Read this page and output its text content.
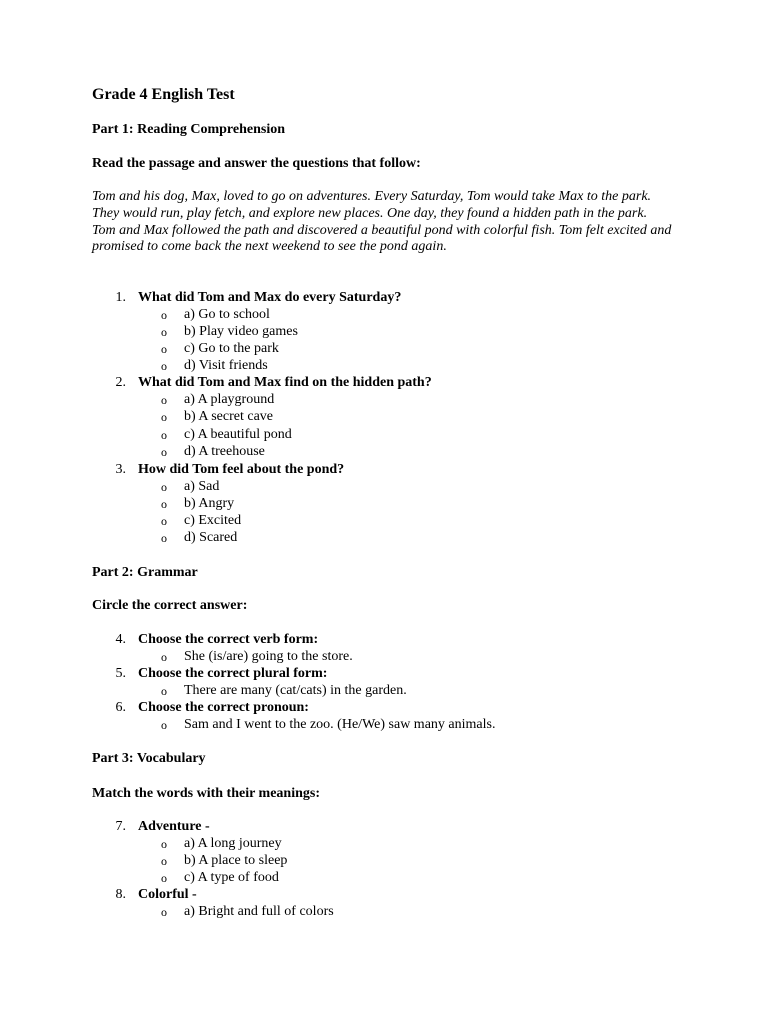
Grade 4 English Test
Part 1: Reading Comprehension
Read the passage and answer the questions that follow:
Tom and his dog, Max, loved to go on adventures. Every Saturday, Tom would take Max to the park. They would run, play fetch, and explore new places. One day, they found a hidden path in the park. Tom and Max followed the path and discovered a beautiful pond with colorful fish. Tom felt excited and promised to come back the next weekend to see the pond again.
1. What did Tom and Max do every Saturday?
o a) Go to school
o b) Play video games
o c) Go to the park
o d) Visit friends
2. What did Tom and Max find on the hidden path?
o a) A playground
o b) A secret cave
o c) A beautiful pond
o d) A treehouse
3. How did Tom feel about the pond?
o a) Sad
o b) Angry
o c) Excited
o d) Scared
Part 2: Grammar
Circle the correct answer:
4. Choose the correct verb form:
o She (is/are) going to the store.
5. Choose the correct plural form:
o There are many (cat/cats) in the garden.
6. Choose the correct pronoun:
o Sam and I went to the zoo. (He/We) saw many animals.
Part 3: Vocabulary
Match the words with their meanings:
7. Adventure -
o a) A long journey
o b) A place to sleep
o c) A type of food
8. Colorful -
o a) Bright and full of colors
